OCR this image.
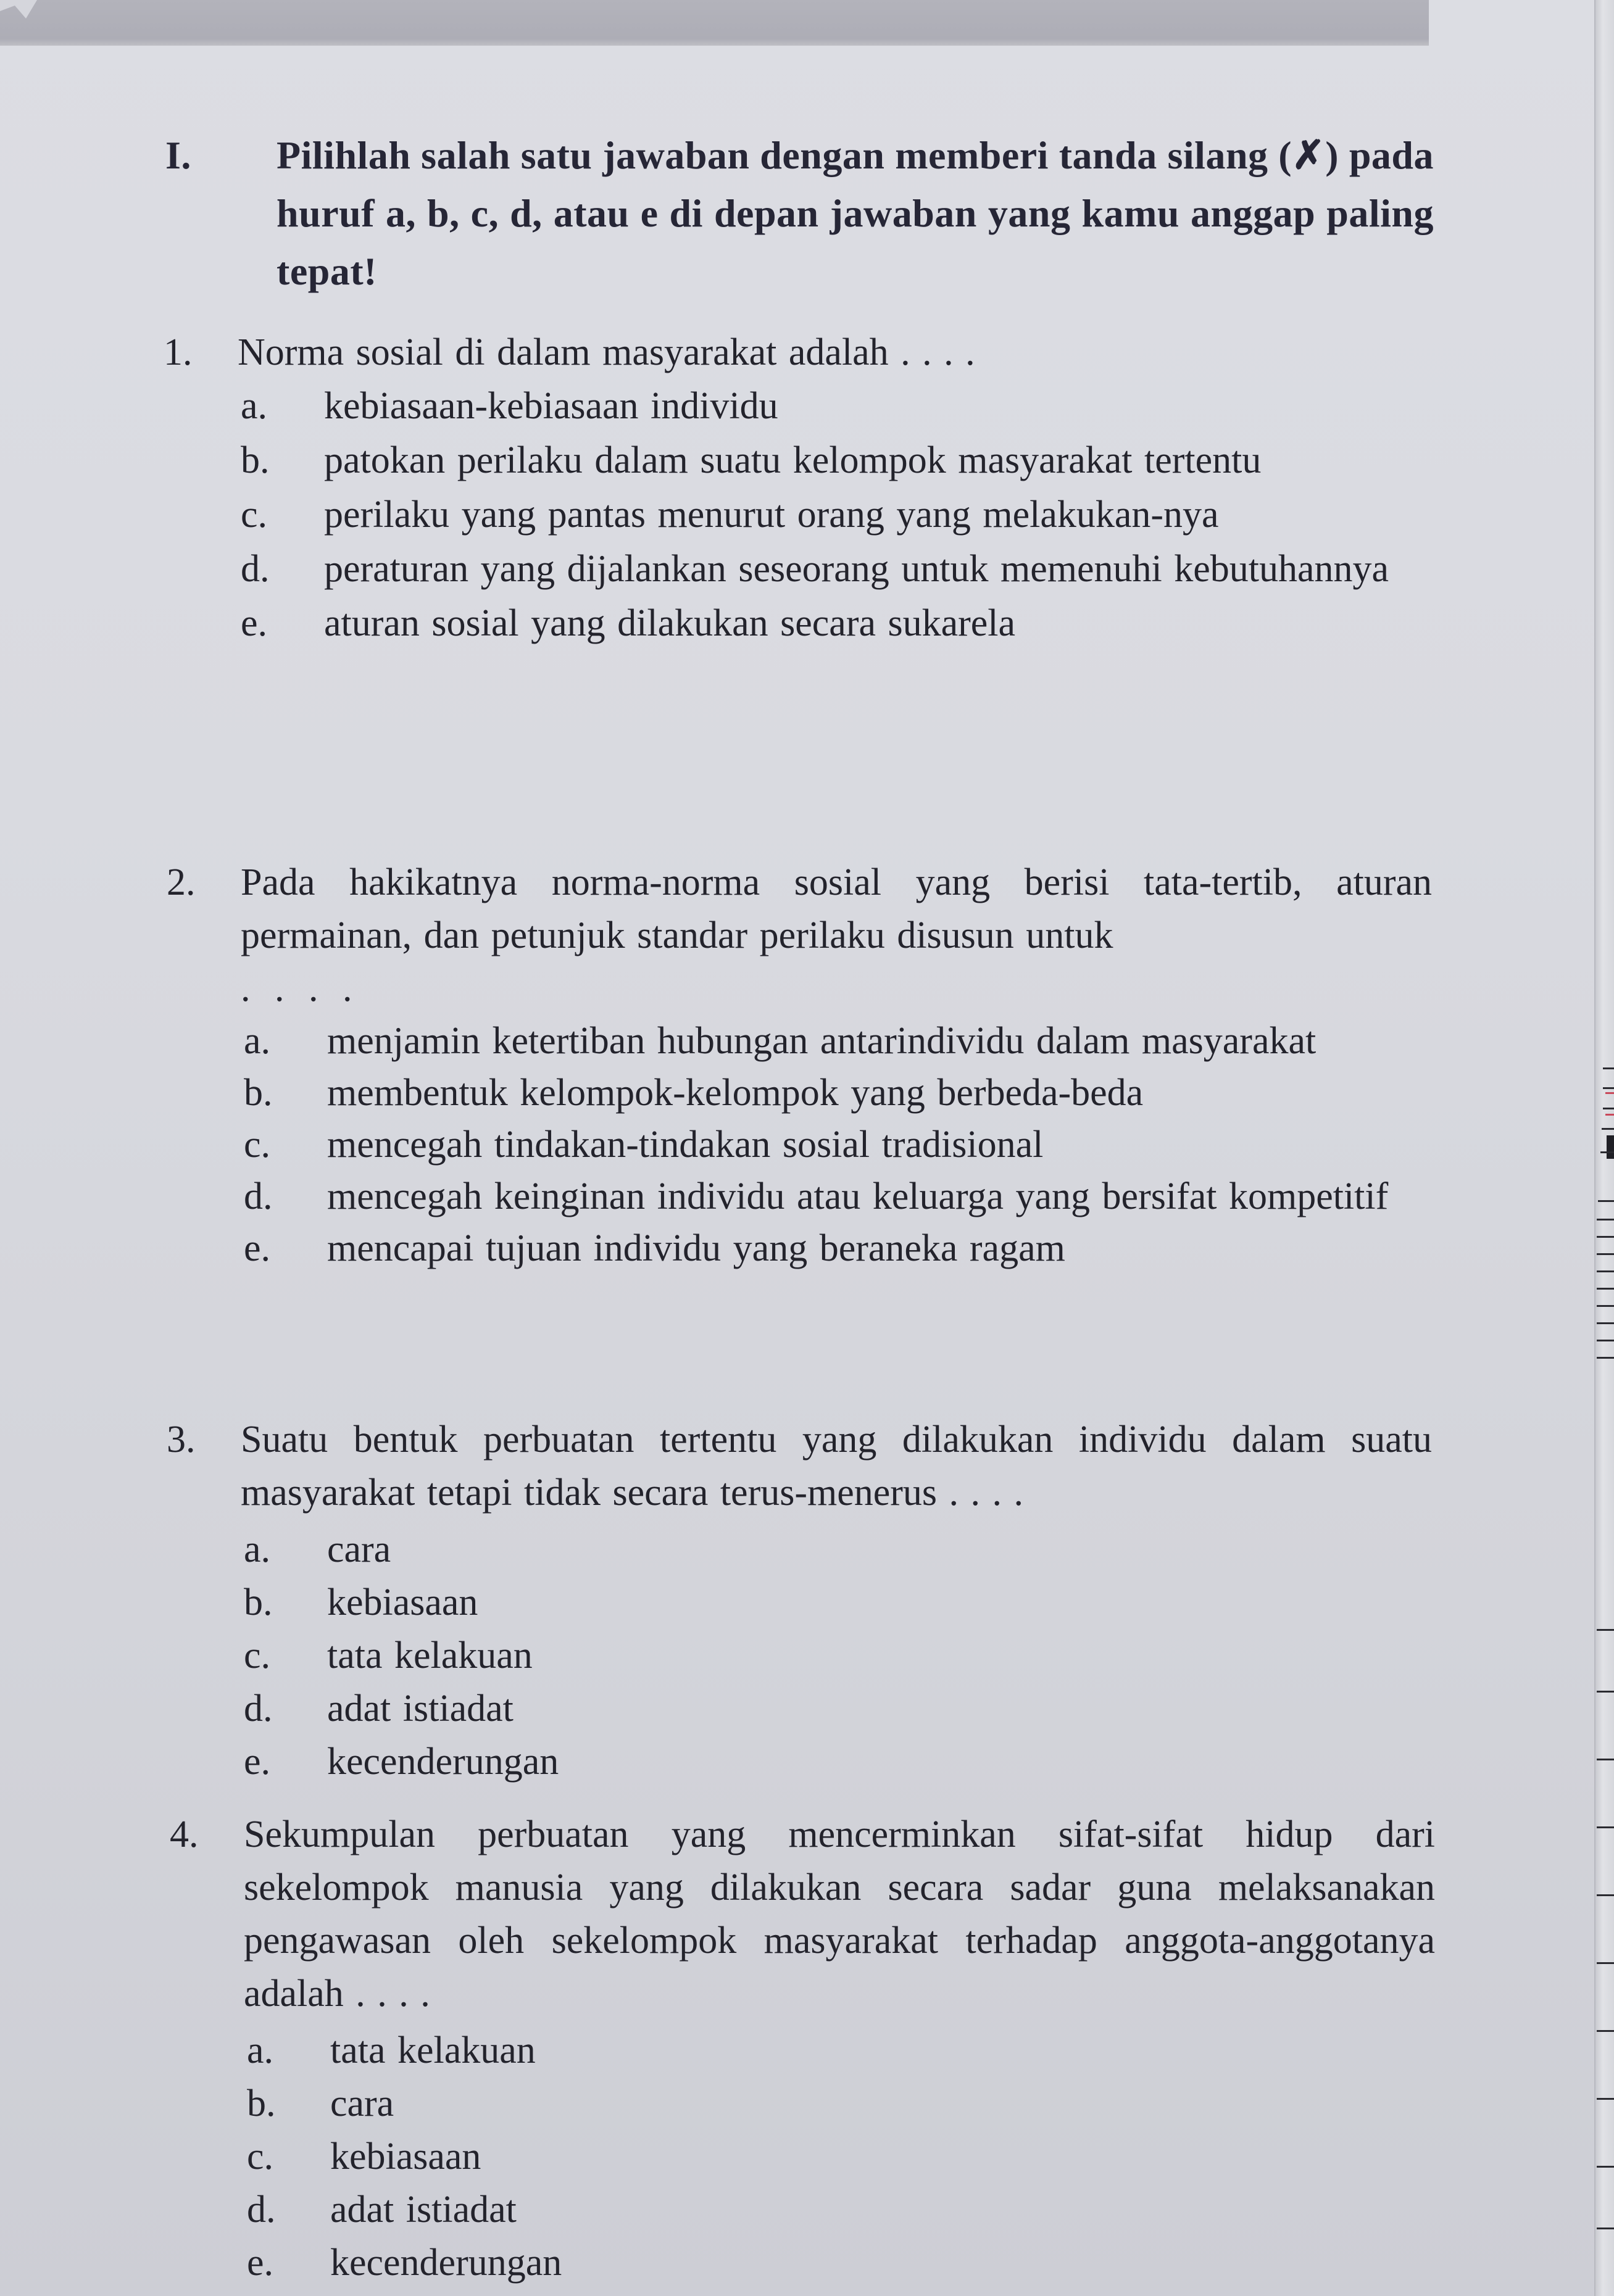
I. Pilihlah salah satu jawaban dengan memberi tanda silang (✗) pada huruf a, b, c, d, atau e di depan jawaban yang kamu anggap paling tepat!
1. Norma sosial di dalam masyarakat adalah . . . .
a. kebiasaan-kebiasaan individu
b. patokan perilaku dalam suatu kelompok masyarakat tertentu
c. perilaku yang pantas menurut orang yang melakukan-nya
d. peraturan yang dijalankan seseorang untuk memenuhi kebutuhannya
e. aturan sosial yang dilakukan secara sukarela
2. Pada hakikatnya norma-norma sosial yang berisi tata-tertib, aturan permainan, dan petunjuk standar perilaku disusun untuk
. . . .
a. menjamin ketertiban hubungan antarindividu dalam masyarakat
b. membentuk kelompok-kelompok yang berbeda-beda
c. mencegah tindakan-tindakan sosial tradisional
d. mencegah keinginan individu atau keluarga yang bersifat kompetitif
e. mencapai tujuan individu yang beraneka ragam
3. Suatu bentuk perbuatan tertentu yang dilakukan individu dalam suatu masyarakat tetapi tidak secara terus-menerus . . . .
a. cara
b. kebiasaan
c. tata kelakuan
d. adat istiadat
e. kecenderungan
4. Sekumpulan perbuatan yang mencerminkan sifat-sifat hidup dari sekelompok manusia yang dilakukan secara sadar guna melaksanakan pengawasan oleh sekelompok masyarakat terhadap anggota-anggotanya adalah . . . .
a. tata kelakuan
b. cara
c. kebiasaan
d. adat istiadat
e. kecenderungan
